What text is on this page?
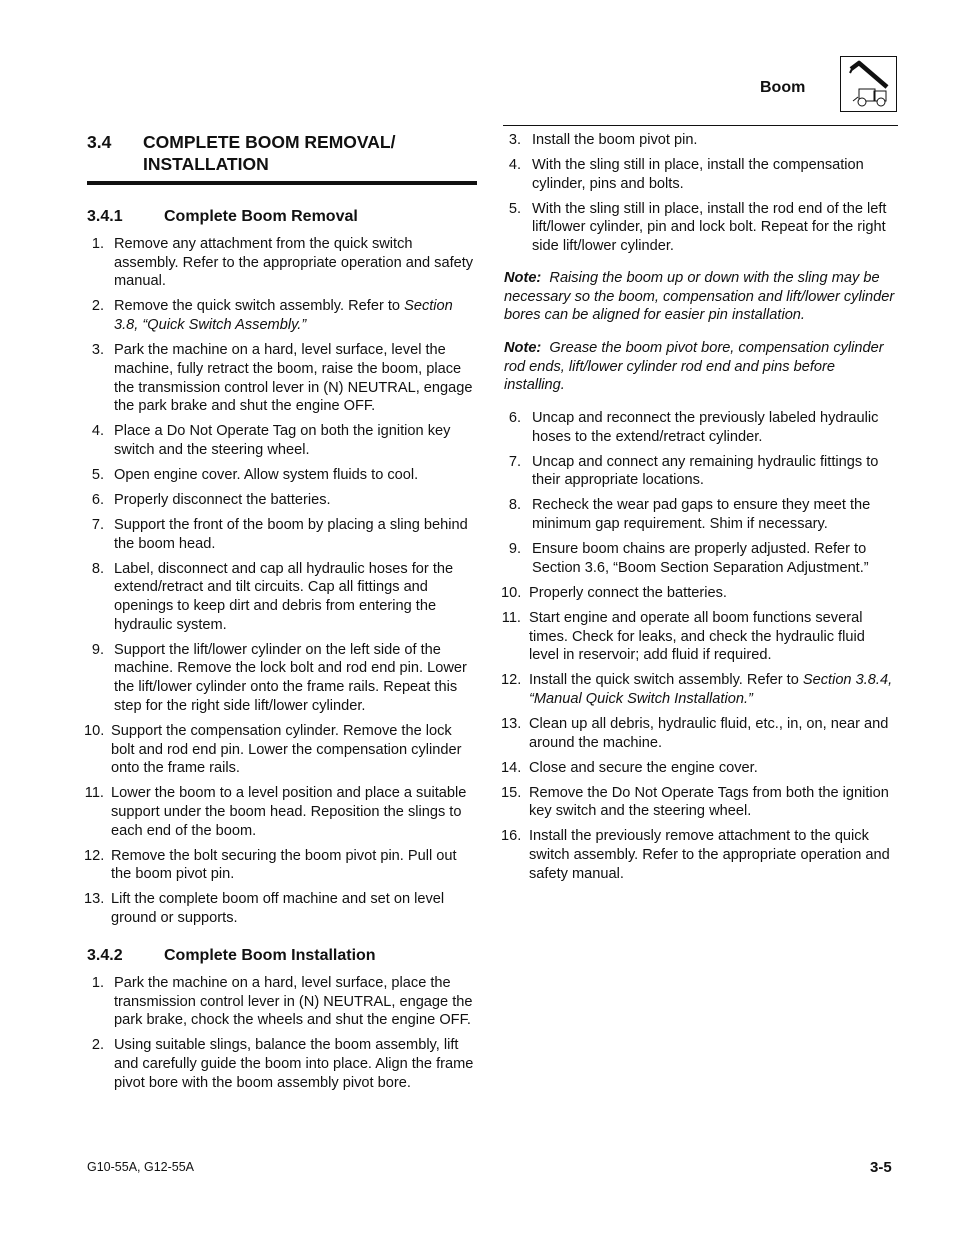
Boom
3.4	COMPLETE BOOM REMOVAL/ INSTALLATION
3.4.1	Complete Boom Removal
1. Remove any attachment from the quick switch assembly. Refer to the appropriate operation and safety manual.
2. Remove the quick switch assembly. Refer to Section 3.8, “Quick Switch Assembly.”
3. Park the machine on a hard, level surface, level the machine, fully retract the boom, raise the boom, place the transmission control lever in (N) NEUTRAL, engage the park brake and shut the engine OFF.
4. Place a Do Not Operate Tag on both the ignition key switch and the steering wheel.
5. Open engine cover. Allow system fluids to cool.
6. Properly disconnect the batteries.
7. Support the front of the boom by placing a sling behind the boom head.
8. Label, disconnect and cap all hydraulic hoses for the extend/retract and tilt circuits. Cap all fittings and openings to keep dirt and debris from entering the hydraulic system.
9. Support the lift/lower cylinder on the left side of the machine. Remove the lock bolt and rod end pin. Lower the lift/lower cylinder onto the frame rails. Repeat this step for the right side lift/lower cylinder.
10. Support the compensation cylinder. Remove the lock bolt and rod end pin. Lower the compensation cylinder onto the frame rails.
11. Lower the boom to a level position and place a suitable support under the boom head. Reposition the slings to each end of the boom.
12. Remove the bolt securing the boom pivot pin. Pull out the boom pivot pin.
13. Lift the complete boom off machine and set on level ground or supports.
3.4.2	Complete Boom Installation
1. Park the machine on a hard, level surface, place the transmission control lever in (N) NEUTRAL, engage the park brake, chock the wheels and shut the engine OFF.
2. Using suitable slings, balance the boom assembly, lift and carefully guide the boom into place. Align the frame pivot bore with the boom assembly pivot bore.
3. Install the boom pivot pin.
4. With the sling still in place, install the compensation cylinder, pins and bolts.
5. With the sling still in place, install the rod end of the left lift/lower cylinder, pin and lock bolt. Repeat for the right side lift/lower cylinder.
Note: Raising the boom up or down with the sling may be necessary so the boom, compensation and lift/lower cylinder bores can be aligned for easier pin installation.
Note: Grease the boom pivot bore, compensation cylinder rod ends, lift/lower cylinder rod end and pins before installing.
6. Uncap and reconnect the previously labeled hydraulic hoses to the extend/retract cylinder.
7. Uncap and connect any remaining hydraulic fittings to their appropriate locations.
8. Recheck the wear pad gaps to ensure they meet the minimum gap requirement. Shim if necessary.
9. Ensure boom chains are properly adjusted. Refer to Section 3.6, “Boom Section Separation Adjustment.”
10. Properly connect the batteries.
11. Start engine and operate all boom functions several times. Check for leaks, and check the hydraulic fluid level in reservoir; add fluid if required.
12. Install the quick switch assembly. Refer to Section 3.8.4, “Manual Quick Switch Installation.”
13. Clean up all debris, hydraulic fluid, etc., in, on, near and around the machine.
14. Close and secure the engine cover.
15. Remove the Do Not Operate Tags from both the ignition key switch and the steering wheel.
16. Install the previously remove attachment to the quick switch assembly. Refer to the appropriate operation and safety manual.
G10-55A, G12-55A	3-5
